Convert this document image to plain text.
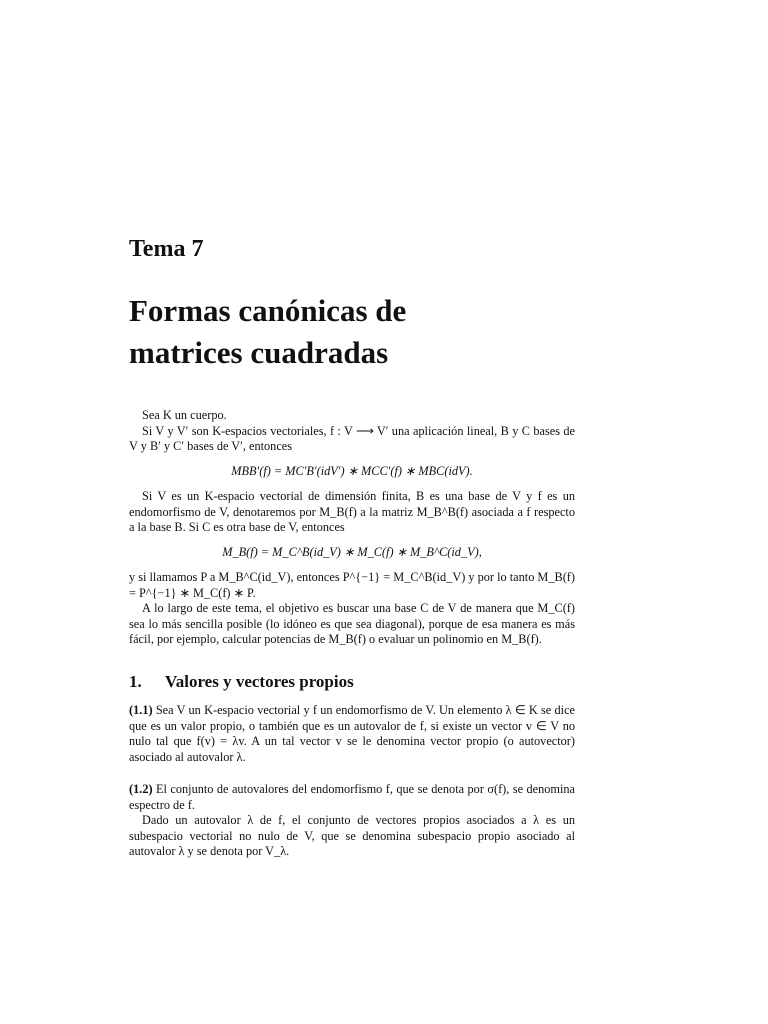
Tema 7
Formas canónicas de
matrices cuadradas

Sea K un cuerpo.

Si V y V′ son K-espacios vectoriales, f : V ⟶ V′ una aplicación lineal, B y C bases de V y B′ y C′ bases de V′, entonces

MBB′(f) = MC′B′(idV′) ∗ MCC′(f) ∗ MBC(idV).

Si V es un K-espacio vectorial de dimensión finita, B es una base de V y f es un endomorfismo de V, denotaremos por M_B(f) a la matriz M_B^B(f) asociada a f respecto a la base B. Si C es otra base de V, entonces

M_B(f) = M_C^B(id_V) ∗ M_C(f) ∗ M_B^C(id_V),

y si llamamos P a M_B^C(id_V), entonces P^{−1} = M_C^B(id_V) y por lo tanto M_B(f) = P^{−1} ∗ M_C(f) ∗ P.

A lo largo de este tema, el objetivo es buscar una base C de V de manera que M_C(f) sea lo más sencilla posible (lo idóneo es que sea diagonal), porque de esa manera es más fácil, por ejemplo, calcular potencias de M_B(f) o evaluar un polinomio en M_B(f).

1. Valores y vectores propios

(1.1) Sea V un K-espacio vectorial y f un endomorfismo de V. Un elemento λ ∈ K se dice que es un valor propio, o también que es un autovalor de f, si existe un vector v ∈ V no nulo tal que f(v) = λv. A un tal vector v se le denomina vector propio (o autovector) asociado al autovalor λ.

(1.2) El conjunto de autovalores del endomorfismo f, que se denota por σ(f), se denomina espectro de f.

Dado un autovalor λ de f, el conjunto de vectores propios asociados a λ es un subespacio vectorial no nulo de V, que se denomina subespacio propio asociado al autovalor λ y se denota por V_λ.
